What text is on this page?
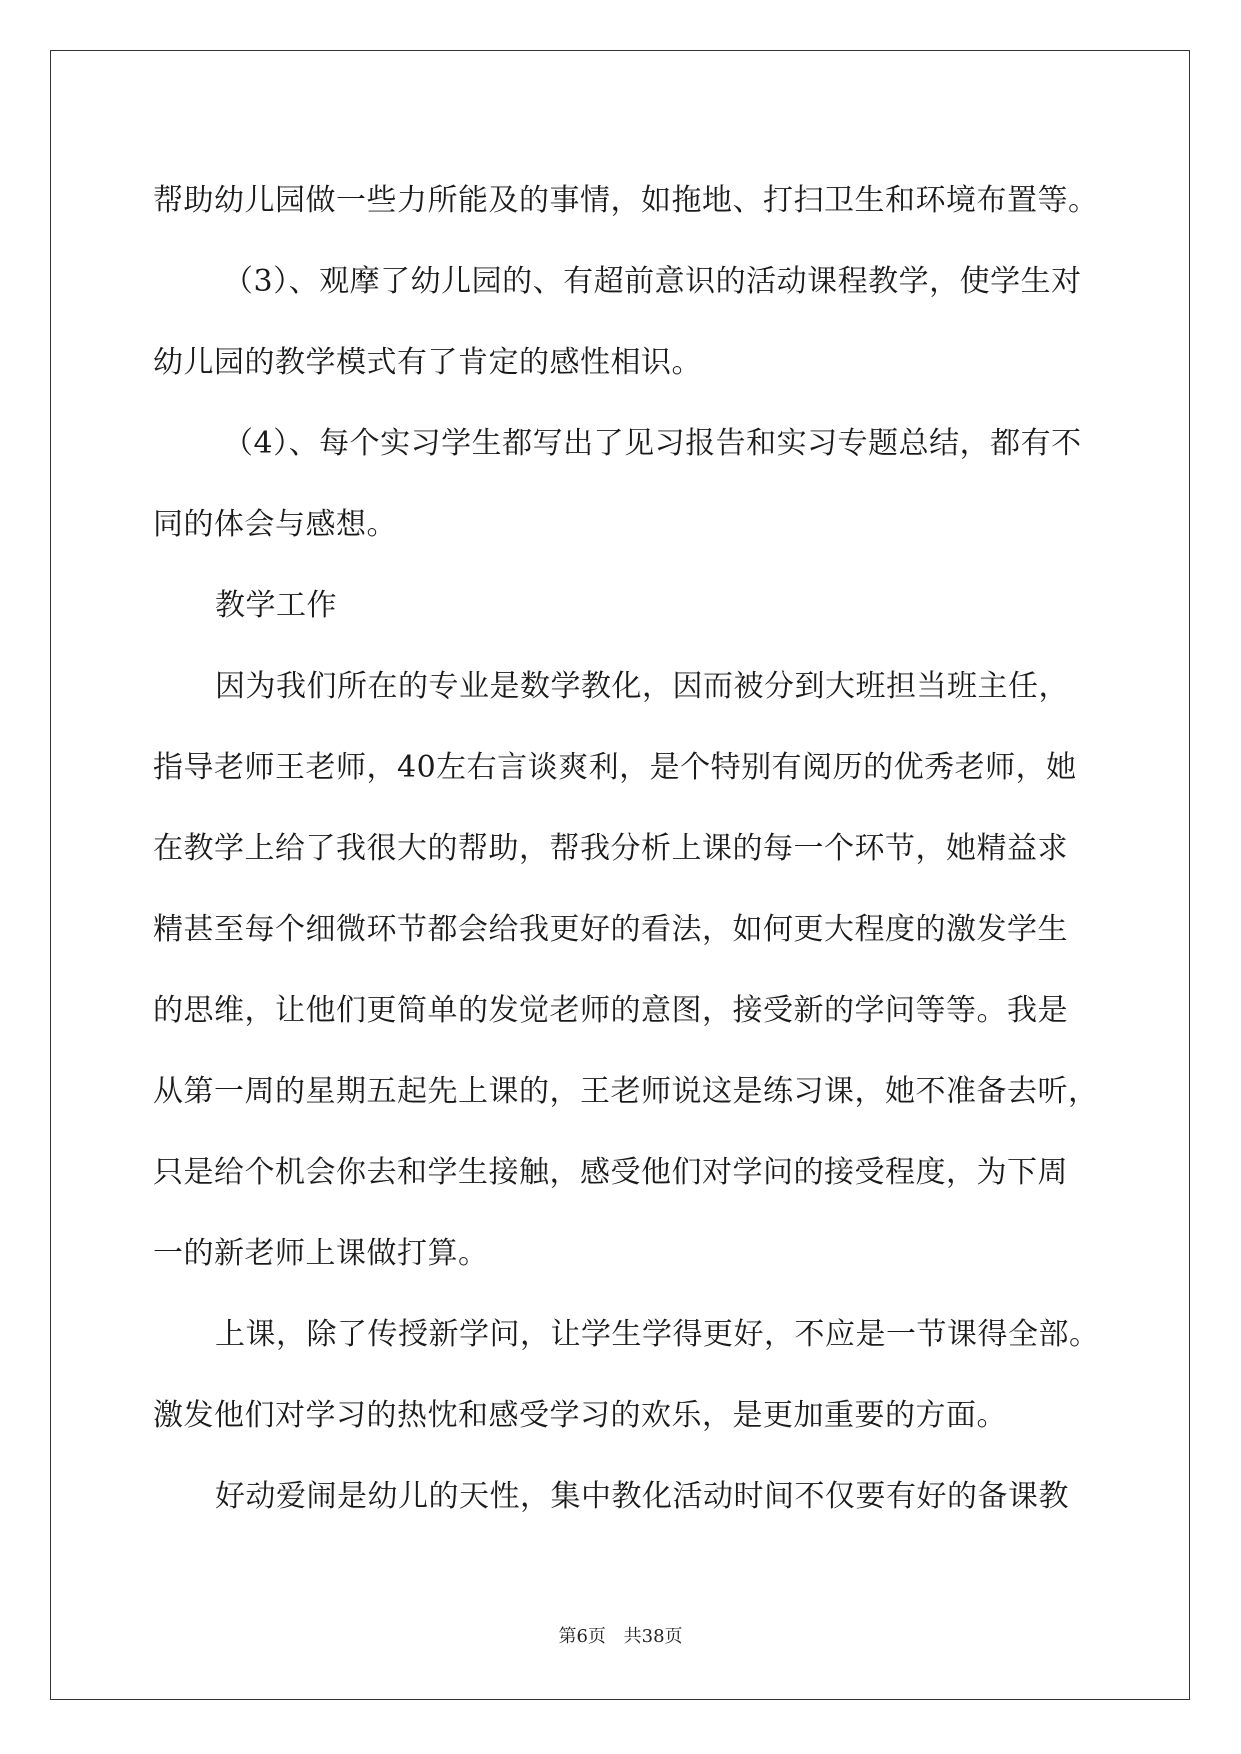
帮助幼儿园做一些力所能及的事情，如拖地、打扫卫生和环境布置等。
（3）、观摩了幼儿园的、有超前意识的活动课程教学，使学生对
幼儿园的教学模式有了肯定的感性相识。
（4）、每个实习学生都写出了见习报告和实习专题总结，都有不
同的体会与感想。
教学工作
因为我们所在的专业是数学教化，因而被分到大班担当班主任，
指导老师王老师，40左右言谈爽利，是个特别有阅历的优秀老师，她
在教学上给了我很大的帮助，帮我分析上课的每一个环节，她精益求
精甚至每个细微环节都会给我更好的看法，如何更大程度的激发学生
的思维，让他们更简单的发觉老师的意图，接受新的学问等等。我是
从第一周的星期五起先上课的，王老师说这是练习课，她不准备去听，
只是给个机会你去和学生接触，感受他们对学问的接受程度，为下周
一的新老师上课做打算。
上课，除了传授新学问，让学生学得更好，不应是一节课得全部。
激发他们对学习的热忱和感受学习的欢乐，是更加重要的方面。
好动爱闹是幼儿的天性，集中教化活动时间不仅要有好的备课教
第6页 共38页
